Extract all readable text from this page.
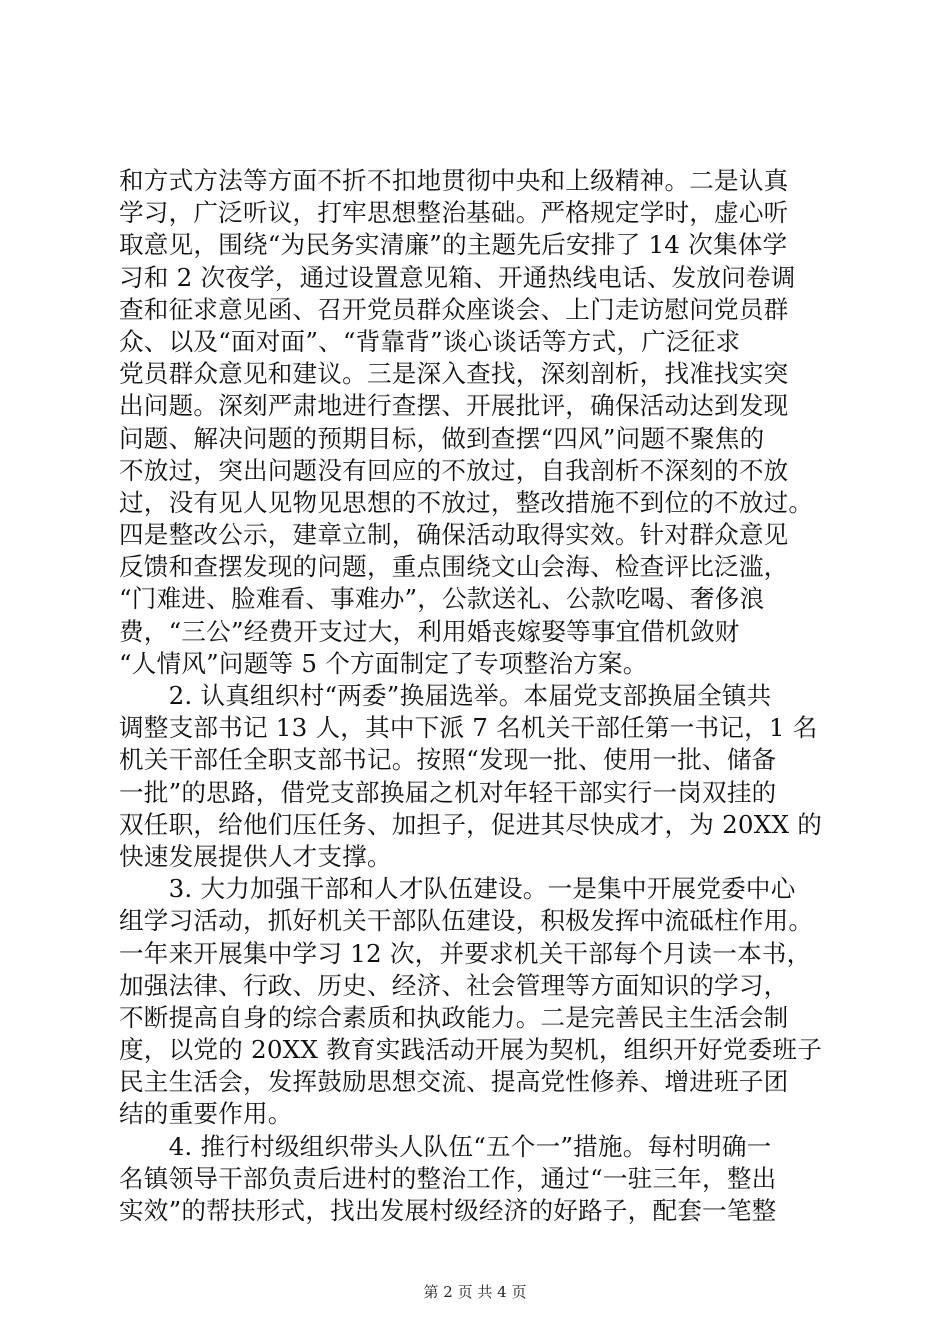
和方式方法等方面不折不扣地贯彻中央和上级精神。二是认真
学习，广泛听议，打牢思想整治基础。严格规定学时，虚心听
取意见，围绕“为民务实清廉”的主题先后安排了 14 次集体学
习和 2 次夜学，通过设置意见箱、开通热线电话、发放问卷调
查和征求意见函、召开党员群众座谈会、上门走访慰问党员群
众、以及“面对面”、“背靠背”谈心谈话等方式，广泛征求
党员群众意见和建议。三是深入查找，深刻剖析，找准找实突
出问题。深刻严肃地进行查摆、开展批评，确保活动达到发现
问题、解决问题的预期目标，做到查摆“四风”问题不聚焦的
不放过，突出问题没有回应的不放过，自我剖析不深刻的不放
过，没有见人见物见思想的不放过，整改措施不到位的不放过。
四是整改公示，建章立制，确保活动取得实效。针对群众意见
反馈和查摆发现的问题，重点围绕文山会海、检查评比泛滥，
“门难进、脸难看、事难办”，公款送礼、公款吃喝、奢侈浪
费，“三公”经费开支过大，利用婚丧嫁娶等事宜借机敛财
“人情风”问题等 5 个方面制定了专项整治方案。
　　2. 认真组织村“两委”换届选举。本届党支部换届全镇共
调整支部书记 13 人，其中下派 7 名机关干部任第一书记，1 名
机关干部任全职支部书记。按照“发现一批、使用一批、储备
一批”的思路，借党支部换届之机对年轻干部实行一岗双挂的
双任职，给他们压任务、加担子，促进其尽快成才，为 20XX 的
快速发展提供人才支撑。
　　3. 大力加强干部和人才队伍建设。一是集中开展党委中心
组学习活动，抓好机关干部队伍建设，积极发挥中流砥柱作用。
一年来开展集中学习 12 次，并要求机关干部每个月读一本书，
加强法律、行政、历史、经济、社会管理等方面知识的学习，
不断提高自身的综合素质和执政能力。二是完善民主生活会制
度，以党的 20XX 教育实践活动开展为契机，组织开好党委班子
民主生活会，发挥鼓励思想交流、提高党性修养、增进班子团
结的重要作用。
　　4. 推行村级组织带头人队伍“五个一”措施。每村明确一
名镇领导干部负责后进村的整治工作，通过“一驻三年，整出
实效”的帮扶形式，找出发展村级经济的好路子，配套一笔整
第 2 页 共 4 页
